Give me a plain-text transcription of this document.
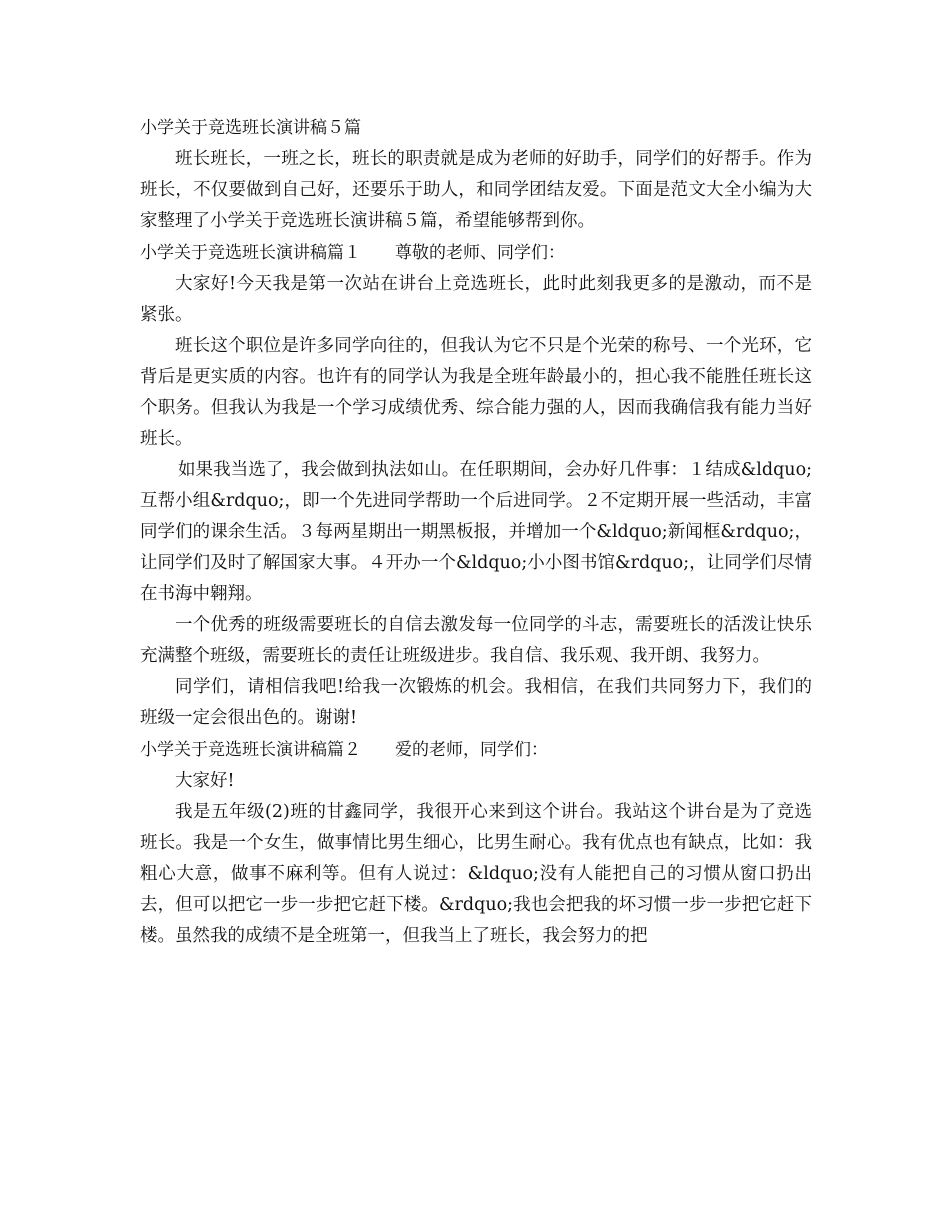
小学关于竞选班长演讲稿５篇

班长班长，一班之长，班长的职责就是成为老师的好助手，同学们的好帮手。作为班长，不仅要做到自己好，还要乐于助人，和同学团结友爱。下面是范文大全小编为大家整理了小学关于竞选班长演讲稿５篇，希望能够帮到你。

小学关于竞选班长演讲稿篇１ 尊敬的老师、同学们：

大家好!今天我是第一次站在讲台上竞选班长，此时此刻我更多的是激动，而不是紧张。

班长这个职位是许多同学向往的，但我认为它不只是个光荣的称号、一个光环，它背后是更实质的内容。也许有的同学认为我是全班年龄最小的，担心我不能胜任班长这个职务。但我认为我是一个学习成绩优秀、综合能力强的人，因而我确信我有能力当好班长。

如果我当选了，我会做到执法如山。在任职期间，会办好几件事：１结成&ldquo;互帮小组&rdquo;，即一个先进同学帮助一个后进同学。２不定期开展一些活动，丰富同学们的课余生活。３每两星期出一期黑板报，并增加一个&ldquo;新闻框&rdquo;，让同学们及时了解国家大事。４开办一个&ldquo;小小图书馆&rdquo;，让同学们尽情在书海中翱翔。

一个优秀的班级需要班长的自信去激发每一位同学的斗志，需要班长的活泼让快乐充满整个班级，需要班长的责任让班级进步。我自信、我乐观、我开朗、我努力。

同学们，请相信我吧!给我一次锻炼的机会。我相信，在我们共同努力下，我们的班级一定会很出色的。谢谢!

小学关于竞选班长演讲稿篇２ 爱的老师，同学们：

大家好!

我是五年级(2)班的甘鑫同学，我很开心来到这个讲台。我站这个讲台是为了竞选班长。我是一个女生，做事情比男生细心，比男生耐心。我有优点也有缺点，比如：我粗心大意，做事不麻利等。但有人说过：&ldquo;没有人能把自己的习惯从窗口扔出去，但可以把它一步一步把它赶下楼。&rdquo;我也会把我的坏习惯一步一步把它赶下楼。虽然我的成绩不是全班第一，但我当上了班长，我会努力的把
